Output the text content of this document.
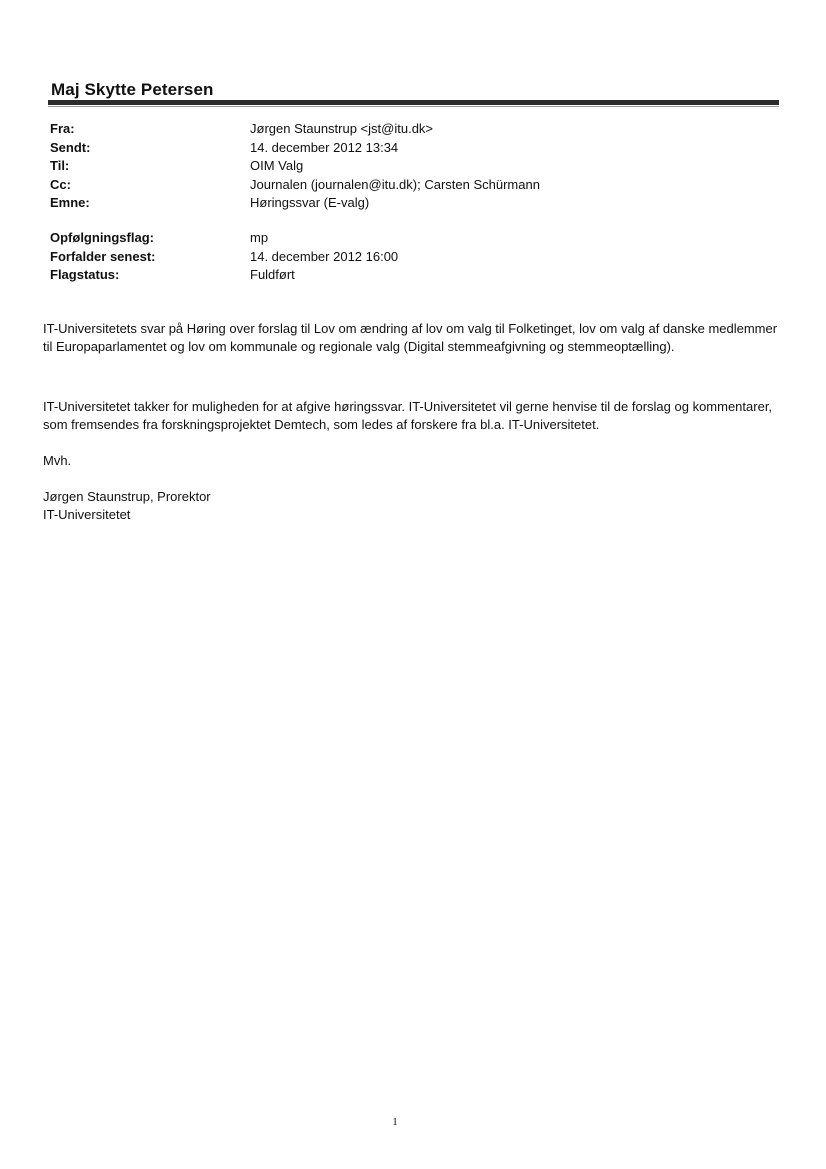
Maj Skytte Petersen
Fra:	Jørgen Staunstrup <jst@itu.dk>
Sendt:	14. december 2012 13:34
Til:	OIM Valg
Cc:	Journalen (journalen@itu.dk); Carsten Schürmann
Emne:	Høringssvar (E-valg)
Opfølgningsflag:	mp
Forfalder senest:	14. december 2012 16:00
Flagstatus:	Fuldført
IT-Universitetets svar på Høring over forslag til Lov om ændring af lov om valg til Folketinget, lov om valg af danske medlemmer til Europaparlamentet og lov om kommunale og regionale valg (Digital stemmeafgivning og stemmeoptælling).
IT-Universitetet takker for muligheden for at afgive høringssvar. IT-Universitetet vil gerne henvise til de forslag og kommentarer, som fremsendes fra forskningsprojektet Demtech, som ledes af forskere fra bl.a. IT-Universitetet.
Mvh.
Jørgen Staunstrup, Prorektor
IT-Universitetet
1
